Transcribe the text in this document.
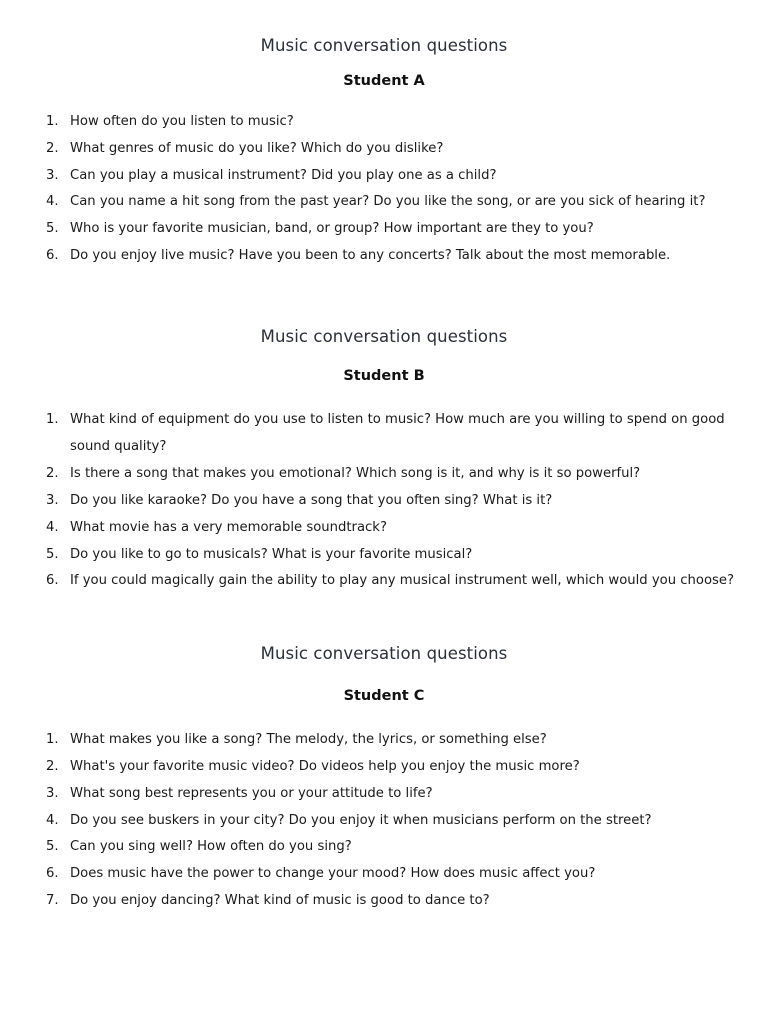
Music conversation questions
Student A
1. How often do you listen to music?
2. What genres of music do you like? Which do you dislike?
3. Can you play a musical instrument? Did you play one as a child?
4. Can you name a hit song from the past year? Do you like the song, or are you sick of hearing it?
5. Who is your favorite musician, band, or group? How important are they to you?
6. Do you enjoy live music? Have you been to any concerts? Talk about the most memorable.
Music conversation questions
Student B
1. What kind of equipment do you use to listen to music? How much are you willing to spend on good sound quality?
2. Is there a song that makes you emotional? Which song is it, and why is it so powerful?
3. Do you like karaoke? Do you have a song that you often sing? What is it?
4. What movie has a very memorable soundtrack?
5. Do you like to go to musicals? What is your favorite musical?
6. If you could magically gain the ability to play any musical instrument well, which would you choose?
Music conversation questions
Student C
1. What makes you like a song? The melody, the lyrics, or something else?
2. What's your favorite music video? Do videos help you enjoy the music more?
3. What song best represents you or your attitude to life?
4. Do you see buskers in your city? Do you enjoy it when musicians perform on the street?
5. Can you sing well? How often do you sing?
6. Does music have the power to change your mood? How does music affect you?
7. Do you enjoy dancing? What kind of music is good to dance to?
